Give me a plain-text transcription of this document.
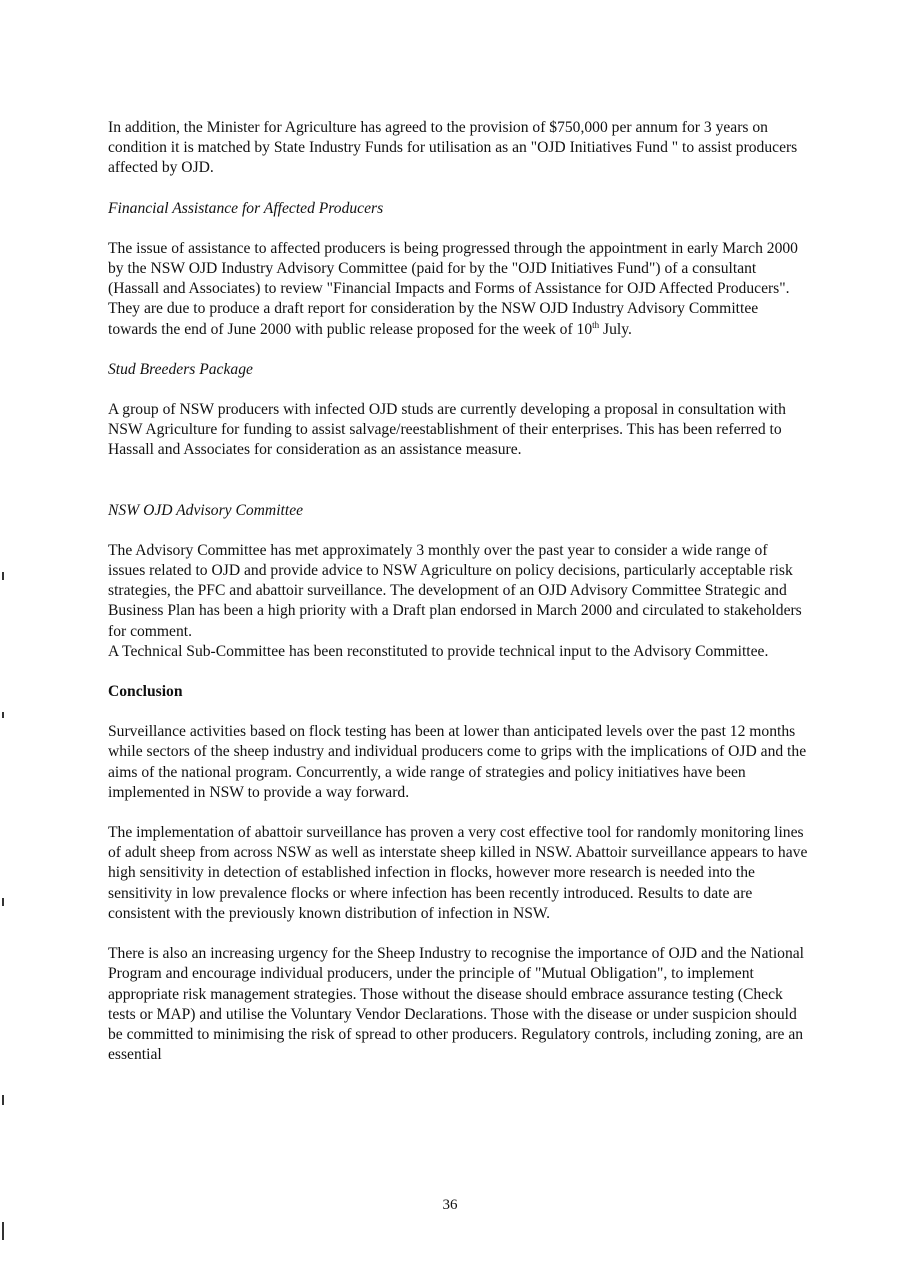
In addition, the Minister for Agriculture has agreed to the provision of $750,000 per annum for 3 years on condition it is matched by State Industry Funds for utilisation as an "OJD Initiatives Fund " to assist producers affected by OJD.

Financial Assistance for Affected Producers

The issue of assistance to affected producers is being progressed through the appointment in early March 2000 by the NSW OJD Industry Advisory Committee (paid for by the "OJD Initiatives Fund") of a consultant (Hassall and Associates) to review "Financial Impacts and Forms of Assistance for OJD Affected Producers". They are due to produce a draft report for consideration by the NSW OJD Industry Advisory Committee towards the end of June 2000 with public release proposed for the week of 10th July.

Stud Breeders Package

A group of NSW producers with infected OJD studs are currently developing a proposal in consultation with NSW Agriculture for funding to assist salvage/reestablishment of their enterprises. This has been referred to Hassall and Associates for consideration as an assistance measure.

NSW OJD Advisory Committee

The Advisory Committee has met approximately 3 monthly over the past year to consider a wide range of issues related to OJD and provide advice to NSW Agriculture on policy decisions, particularly acceptable risk strategies, the PFC and abattoir surveillance. The development of an OJD Advisory Committee Strategic and Business Plan has been a high priority with a Draft plan endorsed in March 2000 and circulated to stakeholders for comment.

A Technical Sub-Committee has been reconstituted to provide technical input to the Advisory Committee.

Conclusion

Surveillance activities based on flock testing has been at lower than anticipated levels over the past 12 months while sectors of the sheep industry and individual producers come to grips with the implications of OJD and the aims of the national program. Concurrently, a wide range of strategies and policy initiatives have been implemented in NSW to provide a way forward.

The implementation of abattoir surveillance has proven a very cost effective tool for randomly monitoring lines of adult sheep from across NSW as well as interstate sheep killed in NSW. Abattoir surveillance appears to have high sensitivity in detection of established infection in flocks, however more research is needed into the sensitivity in low prevalence flocks or where infection has been recently introduced. Results to date are consistent with the previously known distribution of infection in NSW.

There is also an increasing urgency for the Sheep Industry to recognise the importance of OJD and the National Program and encourage individual producers, under the principle of "Mutual Obligation", to implement appropriate risk management strategies. Those without the disease should embrace assurance testing (Check tests or MAP) and utilise the Voluntary Vendor Declarations. Those with the disease or under suspicion should be committed to minimising the risk of spread to other producers. Regulatory controls, including zoning, are an essential

36
